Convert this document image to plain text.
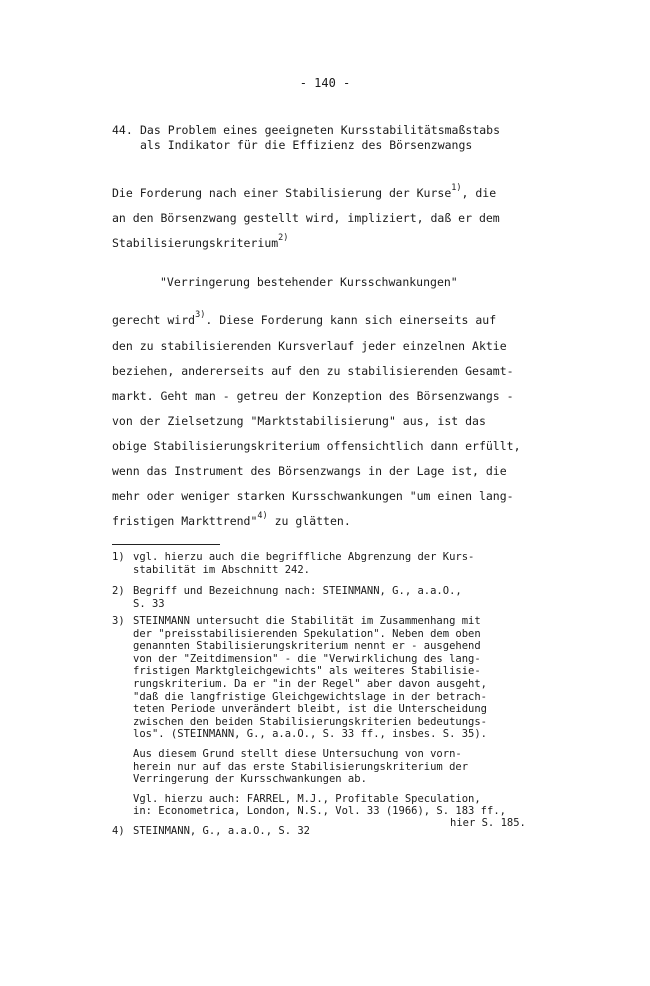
- 140 -
44. Das Problem eines geeigneten Kursstabilitätsmaßstabs
als Indikator für die Effizienz des Börsenzwangs
Die Forderung nach einer Stabilisierung der Kurse$^{1)}$, die
an den Börsenzwang gestellt wird, impliziert, daß er dem
Stabilisierungskriterium$^{2)}$
"Verringerung bestehender Kursschwankungen"
gerecht wird$^{3)}$. Diese Forderung kann sich einerseits auf
den zu stabilisierenden Kursverlauf jeder einzelnen Aktie
beziehen, andererseits auf den zu stabilisierenden Gesamt-
markt. Geht man - getreu der Konzeption des Börsenzwangs -
von der Zielsetzung "Marktstabilisierung" aus, ist das
obige Stabilisierungskriterium offensichtlich dann erfüllt,
wenn das Instrument des Börsenzwangs in der Lage ist, die
mehr oder weniger starken Kursschwankungen "um einen lang-
fristigen Markttrend"$^{4)}$ zu glätten.
1) vgl. hierzu auch die begriffliche Abgrenzung der Kurs-
stabilität im Abschnitt 242.
2) Begriff und Bezeichnung nach: STEINMANN, G., a.a.O.,
S. 33
3) STEINMANN untersucht die Stabilität im Zusammenhang mit
der "preisstabilisierenden Spekulation". Neben dem oben
genannten Stabilisierungskriterium nennt er - ausgehend
von der "Zeitdimension" - die "Verwirklichung des lang-
fristigen Marktgleichgewichts" als weiteres Stabilisie-
rungskriterium. Da er "in der Regel" aber davon ausgeht,
"daß die langfristige Gleichgewichtslage in der betrach-
teten Periode unverändert bleibt, ist die Unterscheidung
zwischen den beiden Stabilisierungskriterien bedeutungs-
los". (STEINMANN, G., a.a.O., S. 33 ff., insbes. S. 35).
Aus diesem Grund stellt diese Untersuchung von vorn-
herein nur auf das erste Stabilisierungskriterium der
Verringerung der Kursschwankungen ab.
Vgl. hierzu auch: FARREL, M.J., Profitable Speculation,
in: Econometrica, London, N.S., Vol. 33 (1966), S. 183 ff.,
hier S. 185.
4) STEINMANN, G., a.a.O., S. 32
